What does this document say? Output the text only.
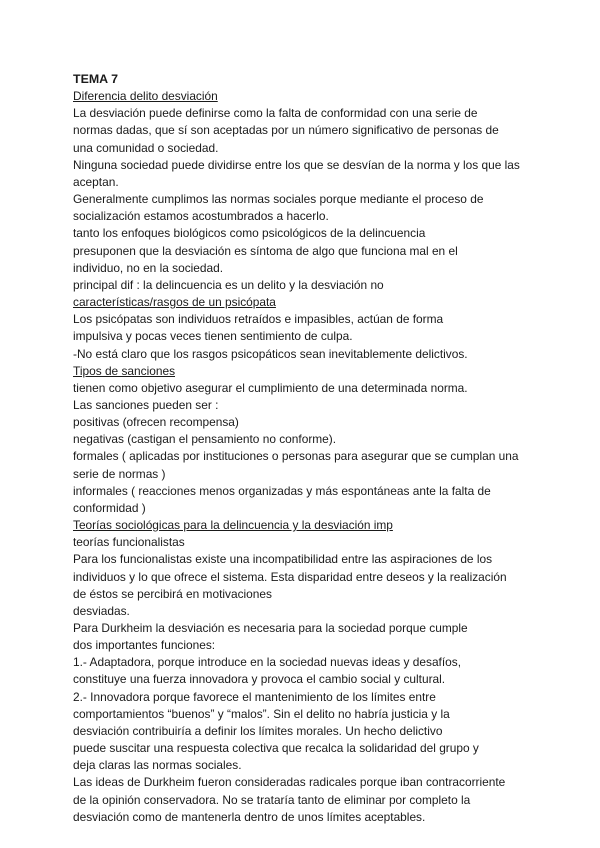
TEMA 7
Diferencia delito desviación
La desviación puede definirse como la falta de conformidad con una serie de
normas dadas, que sí son aceptadas por un número significativo de personas de
una comunidad o sociedad.
Ninguna sociedad puede dividirse entre los que se desvían de la norma y los que las
aceptan.
Generalmente cumplimos las normas sociales porque mediante el proceso de
socialización estamos acostumbrados a hacerlo.
tanto los enfoques biológicos como psicológicos de la delincuencia
presuponen que la desviación es síntoma de algo que funciona mal en el
individuo, no en la sociedad.
principal dif : la delincuencia es un delito y la desviación no
características/rasgos de un psicópata
Los psicópatas son individuos retraídos e impasibles, actúan de forma
impulsiva y pocas veces tienen sentimiento de culpa.
-No está claro que los rasgos psicopáticos sean inevitablemente delictivos.
Tipos de sanciones
tienen como objetivo asegurar el cumplimiento de una determinada norma.
Las sanciones pueden ser :
positivas (ofrecen recompensa)
negativas (castigan el pensamiento no conforme).
formales ( aplicadas por instituciones o personas para asegurar que se cumplan una
serie de normas )
informales ( reacciones menos organizadas y más espontáneas ante la falta de
conformidad )
Teorías sociológicas para la delincuencia y la desviación imp
teorías funcionalistas
Para los funcionalistas existe una incompatibilidad entre las aspiraciones de los
individuos y lo que ofrece el sistema. Esta disparidad entre deseos y la realización
de éstos se percibirá en motivaciones
desviadas.
Para Durkheim la desviación es necesaria para la sociedad porque cumple
dos importantes funciones:
1.- Adaptadora, porque introduce en la sociedad nuevas ideas y desafíos,
constituye una fuerza innovadora y provoca el cambio social y cultural.
2.- Innovadora porque favorece el mantenimiento de los límites entre
comportamientos “buenos” y “malos”. Sin el delito no habría justicia y la
desviación contribuiría a definir los límites morales. Un hecho delictivo
puede suscitar una respuesta colectiva que recalca la solidaridad del grupo y
deja claras las normas sociales.
Las ideas de Durkheim fueron consideradas radicales porque iban contracorriente
de la opinión conservadora. No se trataría tanto de eliminar por completo la
desviación como de mantenerla dentro de unos límites aceptables.
